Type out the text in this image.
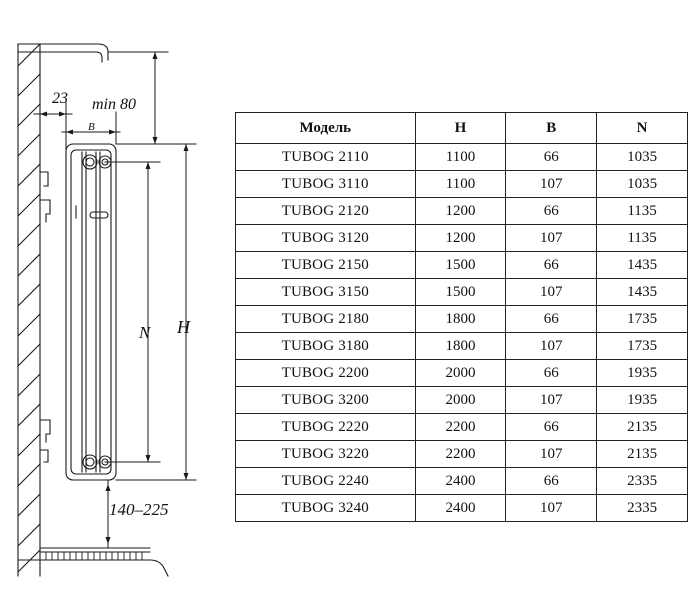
23 min 80
B
N H
140–225
Модель	H	B	N
TUBOG 2110	1100	66	1035
TUBOG 3110	1100	107	1035
TUBOG 2120	1200	66	1135
TUBOG 3120	1200	107	1135
TUBOG 2150	1500	66	1435
TUBOG 3150	1500	107	1435
TUBOG 2180	1800	66	1735
TUBOG 3180	1800	107	1735
TUBOG 2200	2000	66	1935
TUBOG 3200	2000	107	1935
TUBOG 2220	2200	66	2135
TUBOG 3220	2200	107	2135
TUBOG 2240	2400	66	2335
TUBOG 3240	2400	107	2335
